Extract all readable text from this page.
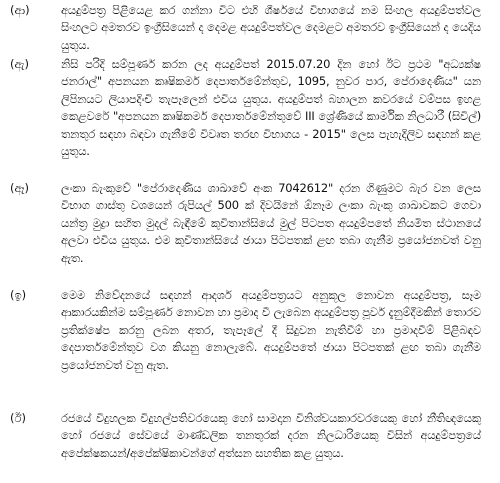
(ආ)	අයදුම්පත්‍ර පිළියෙළ කර ගන්නා විට එහි ශීර්ෂයේ විභාගයේ නම සිංහල අයදුම්පත්වල සිංහලට අමතරව ඉංග්‍රීසියෙන් ද දෙමළ අයදුම්පත්වල දෙමළට අමතරව ඉංග්‍රීසියෙන් ද යෙදිය යුතුය.

(ඇ)	නිසි පරිදි සම්පූර්ණ කරන ලද අයදුම්පත් 2015.07.20 දින හෝ ඊට ප්‍රථම "අධ්‍යක්ෂ ජනරාල්" අපනයන කෘෂිකර්ම දෙපාර්තමේන්තුව, 1095, නුවර පාර, පේරාදෙණිය" යන ලිපිනයට ලියාපදිංචි තැපෑලෙන් එවිය යුතුය. අයදුම්පත් බහාලන කවරයේ වම්පස ඉහළ කෙළවරේ "අපනයන කෘෂිකර්ම දෙපාර්තමේන්තුවේ III ශ්‍රේණියේ කාර්මික නිලධාරී (සිවිල්) තනතුර සඳහා බඳවා ගැනීමේ විවෘත තරඟ විභාගය - 2015" ලෙස පැහැදිලිව සඳහන් කළ යුතුය.

(ඈ)	ලංකා බැංකුවේ "පේරාදෙණිය ශාඛාවේ අංක 7042612" දරන ගිණුමට බැර වන ලෙස විභාග ගාස්තු වශයෙන් රුපියල් 500 ක් දිවයිනේ ඕනෑම ලංකා බැංකු ශාඛාවකට ගෙවා යන්ත්‍ර මුද්‍රා සහිත මුදල් බැඳීමේ කුවිතාන්සියේ මුල් පිටපත අයදුම්පතේ නියමිත ස්ථානයේ අලවා එවිය යුතුය. එම කුවිතාන්සියේ ඡායා පිටපතක් ළඟ තබා ගැනීම ප්‍රයෝජනවත් වනු ඇත.

(ඉ)	මෙම නිවේදනයේ සඳහන් ආදර්ශ අයදුම්පත්‍රයට අනුකූල නොවන අයදුම්පත්‍ර, සෑම ආකාරයකින්ම සම්පූර්ණ නොවන හා ප්‍රමාද වී ලැබෙන අයදුම්පත්‍ර පූර්ව දැනුම්දීමකින් තොරව ප්‍රතික්ෂේප කරනු ලබන අතර, තැපෑලේ දී සිදුවන නැතිවීම් හා ප්‍රමාදවීම් පිළිබඳව දෙපාර්තමේන්තුව වග කියනු නොලැබේ. අයදුම්පතේ ඡායා පිටපතක් ළඟ තබා ගැනීම ප්‍රයෝජනවත් වනු ඇත.

(ඊ)	රජයේ විදුහලක විදුහල්පතිවරයෙකු හෝ සාමදාන විනිශ්චයකාරවරයෙකු හෝ නීතිඥයෙකු හෝ රජයේ සේවයේ මාණ්ඩලික තනතුරක් දරන නිලධාරියෙකු විසින් අයදුම්පත්‍රයේ අපේක්ෂකයන්/අපේක්ෂිකාවන්ගේ අත්සන සහතික කළ යුතුය.
